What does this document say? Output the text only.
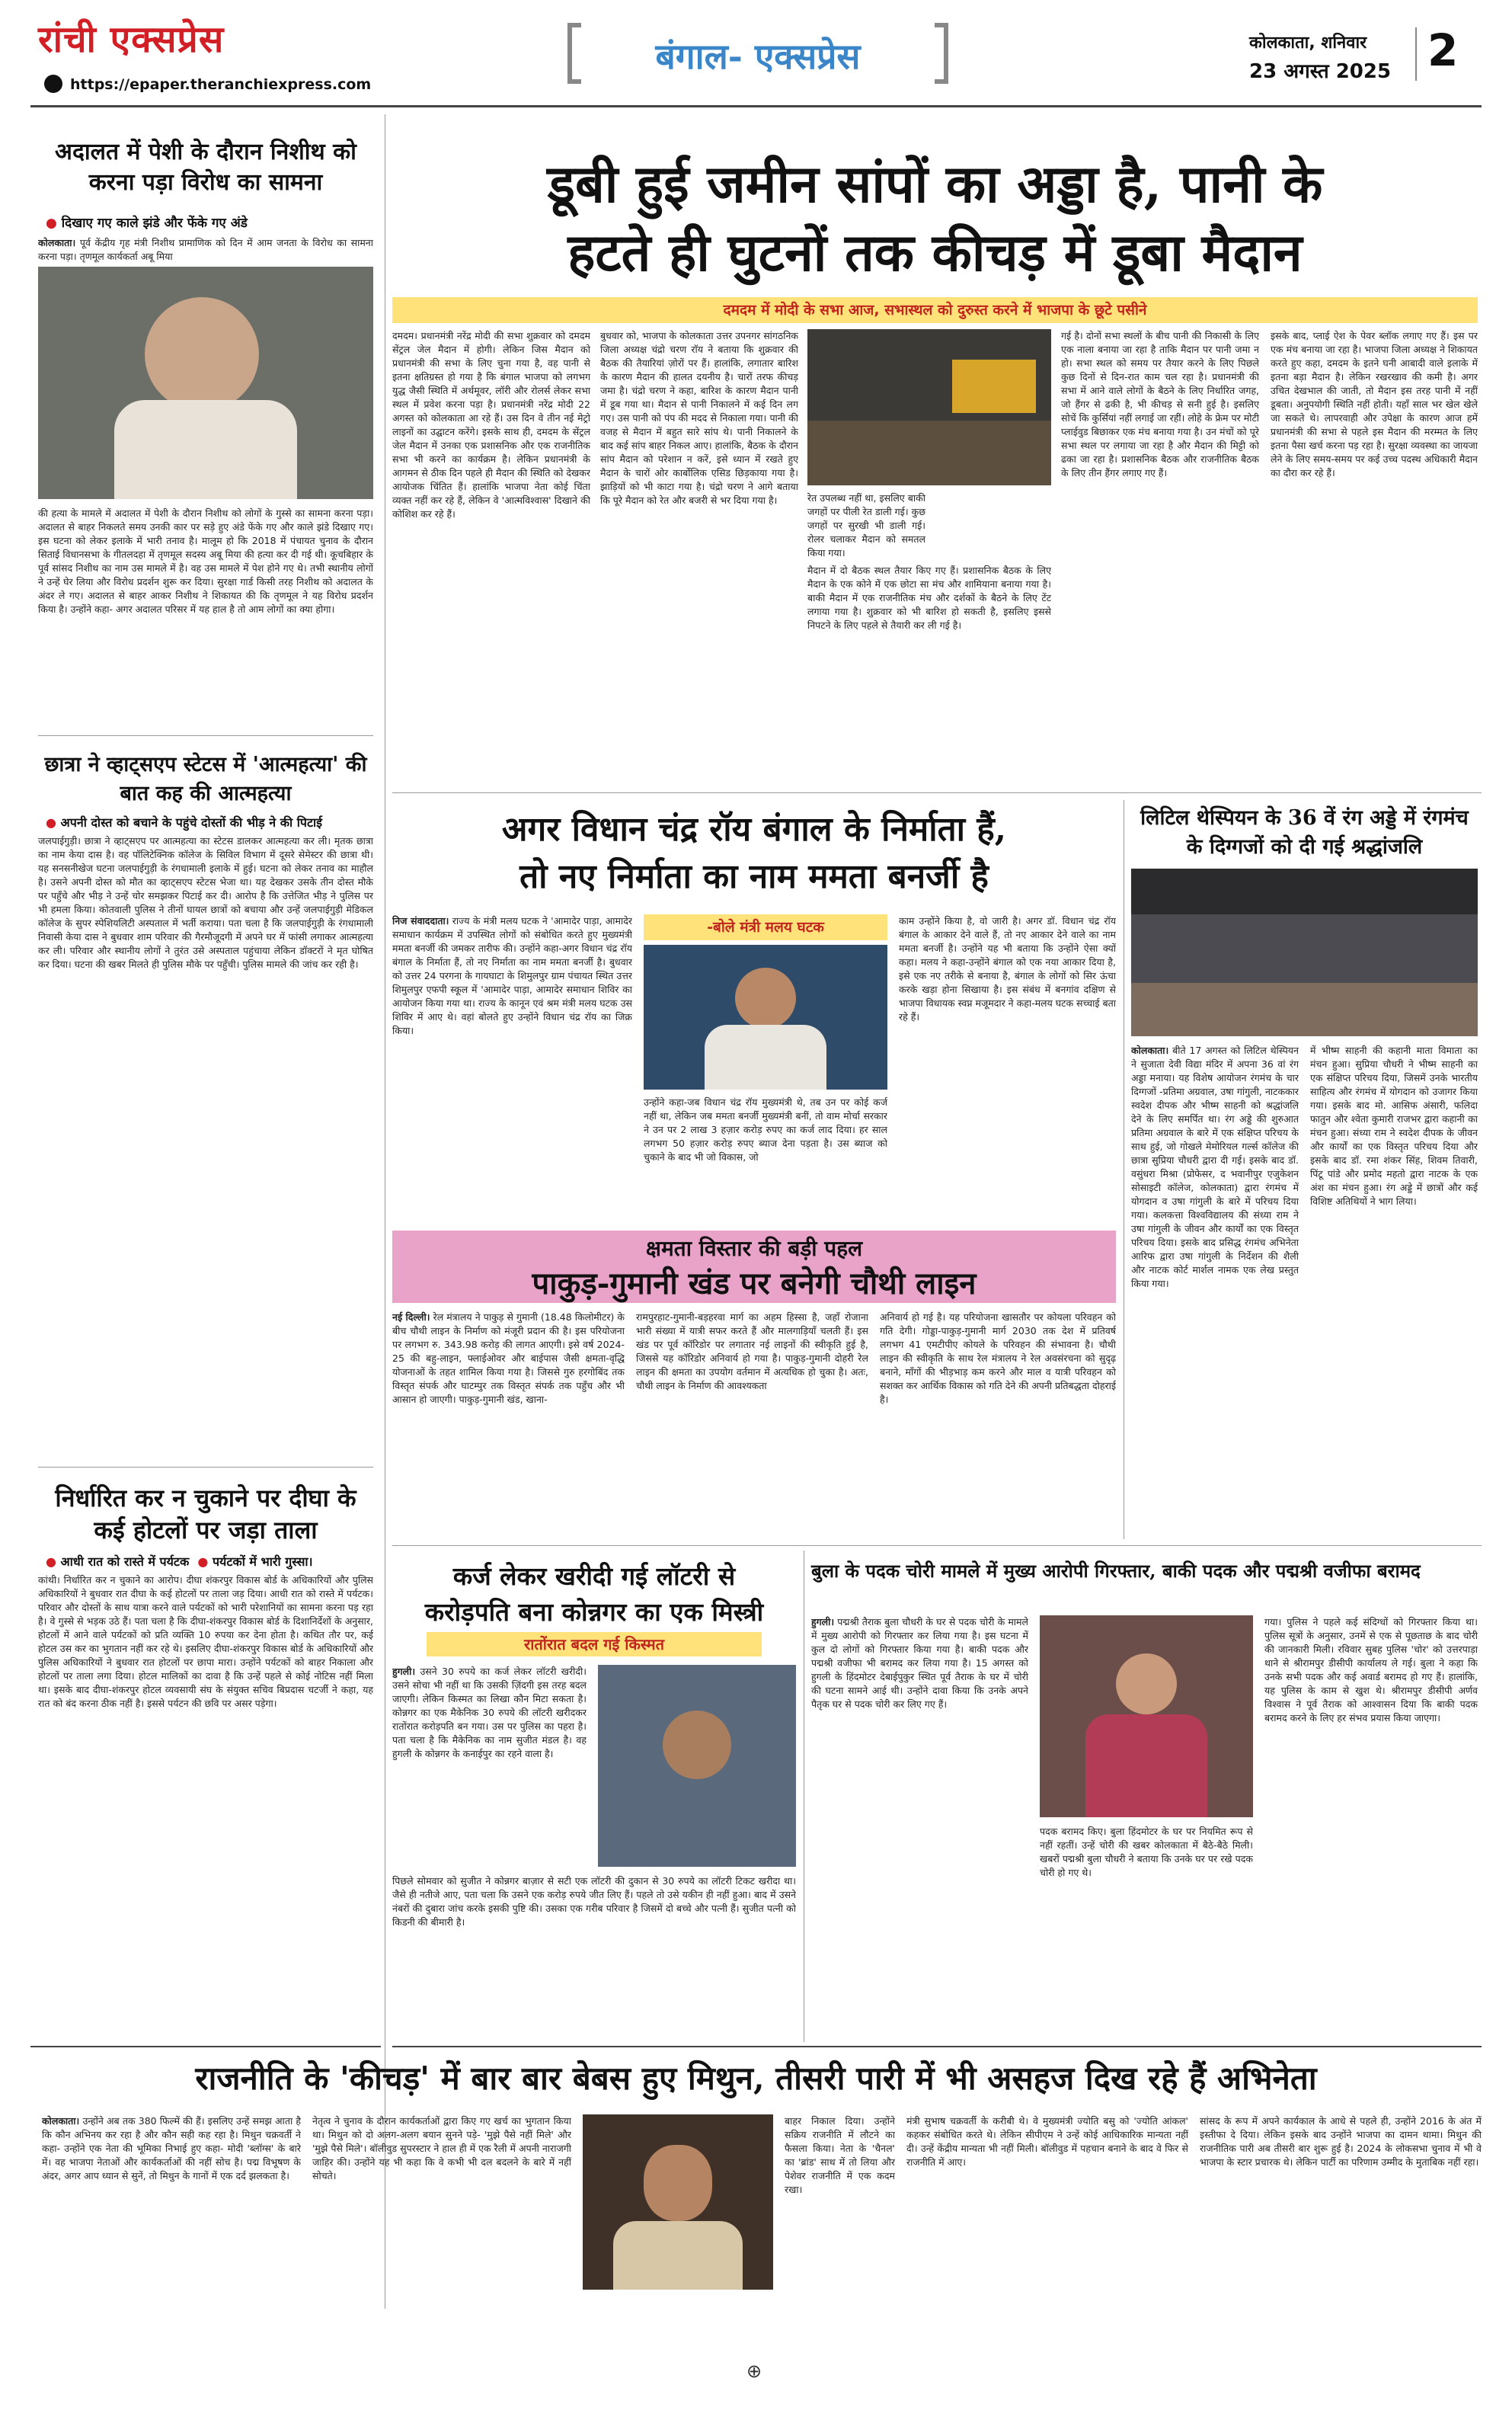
रांची एक्सप्रेस
https://epaper.theranchiexpress.com
बंगाल- एक्सप्रेस	कोलकाता, शनिवार
23 अगस्त 2025 2
अदालत में पेशी के दौरान निशीथ को करना पड़ा विरोध का सामना
● दिखाए गए काले झंडे और फेंके गए अंडे
कोलकाता। पूर्व केंद्रीय गृह मंत्री निशीथ प्रामाणिक को दिन में आम जनता के विरोध का सामना करना पड़ा। तृणमूल कार्यकर्ता अबू मिया
की हत्या के मामले में अदालत में पेशी के दौरान निशीथ को लोगों के गुस्से का सामना करना पड़ा। अदालत से बाहर निकलते समय उनकी कार पर सड़े हुए अंडे फेंके गए और काले झंडे दिखाए गए। इस घटना को लेकर इलाके में भारी तनाव है। मालूम हो कि 2018 में पंचायत चुनाव के दौरान सिताई विधानसभा के गीतलदहा में तृणमूल सदस्य अबू मिया की हत्या कर दी गई थी। कूचबिहार के पूर्व सांसद निशीथ का नाम उस मामले में है। वह उस मामले में पेश होने गए थे। तभी स्थानीय लोगों ने उन्हें घेर लिया और विरोध प्रदर्शन शुरू कर दिया। सुरक्षा गार्ड किसी तरह निशीथ को अदालत के अंदर ले गए। अदालत से बाहर आकर निशीथ ने शिकायत की कि तृणमूल ने यह विरोध प्रदर्शन किया है। उन्होंने कहा- अगर अदालत परिसर में यह हाल है तो आम लोगों का क्या होगा।
छात्रा ने व्हाट्सएप स्टेटस में 'आत्महत्या' की बात कह की आत्महत्या
● अपनी दोस्त को बचाने के पहुंचे दोस्तों की भीड़ ने की पिटाई
जलपाईगुड़ी। छात्रा ने व्हाट्सएप पर आत्महत्या का स्टेटस डालकर आत्महत्या कर ली। मृतक छात्रा का नाम केया दास है। वह पॉलिटेक्निक कॉलेज के सिविल विभाग में दूसरे सेमेस्टर की छात्रा थी। यह सनसनीखेज घटना जलपाईगुड़ी के रंगधामाली इलाके में हुई। घटना को लेकर तनाव का माहौल है। उसने अपनी दोस्त को मौत का व्हाट्सएप स्टेटस भेजा था। यह देखकर उसके तीन दोस्त मौके पर पहुँचे और भीड़ ने उन्हें चोर समझकर पिटाई कर दी। आरोप है कि उत्तेजित भीड़ ने पुलिस पर भी हमला किया। कोतवाली पुलिस ने तीनों घायल छात्रों को बचाया और उन्हें जलपाईगुड़ी मेडिकल कॉलेज के सुपर स्पेशियलिटी अस्पताल में भर्ती कराया। पता चला है कि जलपाईगुड़ी के रंगधामाली निवासी केया दास ने बुधवार शाम परिवार की गैरमौजूदगी में अपने घर में फांसी लगाकर आत्महत्या कर ली। परिवार और स्थानीय लोगों ने तुरंत उसे अस्पताल पहुंचाया लेकिन डॉक्टरों ने मृत घोषित कर दिया। घटना की खबर मिलते ही पुलिस मौके पर पहुँची। पुलिस मामले की जांच कर रही है।
निर्धारित कर न चुकाने पर दीघा के कई होटलों पर जड़ा ताला
● आधी रात को रास्ते में पर्यटक  ● पर्यटकों में भारी गुस्सा।
कांथी। निर्धारित कर न चुकाने का आरोप। दीघा शंकरपुर विकास बोर्ड के अधिकारियों और पुलिस अधिकारियों ने बुधवार रात दीघा के कई होटलों पर ताला जड़ दिया। आधी रात को रास्ते में पर्यटक। परिवार और दोस्तों के साथ यात्रा करने वाले पर्यटकों को भारी परेशानियों का सामना करना पड़ रहा है। वे गुस्से से भड़क उठे हैं। पता चला है कि दीघा-शंकरपुर विकास बोर्ड के दिशानिर्देशों के अनुसार, होटलों में आने वाले पर्यटकों को प्रति व्यक्ति 10 रुपया कर देना होता है। कथित तौर पर, कई होटल उस कर का भुगतान नहीं कर रहे थे। इसलिए दीघा-शंकरपुर विकास बोर्ड के अधिकारियों और पुलिस अधिकारियों ने बुधवार रात होटलों पर छापा मारा। उन्होंने पर्यटकों को बाहर निकाला और होटलों पर ताला लगा दिया। होटल मालिकों का दावा है कि उन्हें पहले से कोई नोटिस नहीं मिला था। इसके बाद दीघा-शंकरपुर होटल व्यवसायी संघ के संयुक्त सचिव बिप्रदास चटर्जी ने कहा, यह रात को बंद करना ठीक नहीं है। इससे पर्यटन की छवि पर असर पड़ेगा।
डूबी हुई जमीन सांपों का अड्डा है, पानी के
हटते ही घुटनों तक कीचड़ में डूबा मैदान
दमदम में मोदी के सभा आज, सभास्थल को दुरुस्त करने में भाजपा के छूटे पसीने
दमदम। प्रधानमंत्री नरेंद्र मोदी की सभा शुक्रवार को दमदम सेंट्रल जेल मैदान में होगी। लेकिन जिस मैदान को प्रधानमंत्री की सभा के लिए चुना गया है, वह पानी से इतना क्षतिग्रस्त हो गया है कि बंगाल भाजपा को लगभग युद्ध जैसी स्थिति में अर्थमूवर, लॉरी और रोलर्स लेकर सभा स्थल में प्रवेश करना पड़ा है। प्रधानमंत्री नरेंद्र मोदी 22 अगस्त को कोलकाता आ रहे हैं। उस दिन वे तीन नई मेट्रो लाइनों का उद्घाटन करेंगे। इसके साथ ही, दमदम के सेंट्रल जेल मैदान में उनका एक प्रशासनिक और एक राजनीतिक सभा भी करने का कार्यक्रम है। लेकिन प्रधानमंत्री के आगमन से ठीक दिन पहले ही मैदान की स्थिति को देखकर आयोजक चिंतित हैं। हालांकि भाजपा नेता कोई चिंता व्यक्त नहीं कर रहे हैं, लेकिन वे 'आत्मविश्वास' दिखाने की कोशिश कर रहे हैं।
बुधवार को, भाजपा के कोलकाता उत्तर उपनगर सांगठनिक जिला अध्यक्ष चंद्रो चरण राॅय ने बताया कि शुक्रवार की बैठक की तैयारियां ज़ोरों पर हैं। हालांकि, लगातार बारिश के कारण मैदान की हालत दयनीय है। चारों तरफ कीचड़ जमा है। चंद्रो चरण ने कहा, बारिश के कारण मैदान पानी में डूब गया था। मैदान से पानी निकालने में कई दिन लग गए। उस पानी को पंप की मदद से निकाला गया। पानी की वजह से मैदान में बहुत सारे सांप थे। पानी निकालने के बाद कई सांप बाहर निकल आए। हालांकि, बैठक के दौरान सांप मैदान को परेशान न करें, इसे ध्यान में रखते हुए मैदान के चारों ओर कार्बोलिक एसिड छिड़काया गया है। झाड़ियों को भी काटा गया है। चंद्रो चरण ने आगे बताया कि पूरे मैदान को रेत और बजरी से भर दिया गया है।	रेत उपलब्ध नहीं था, इसलिए बाकी जगहों पर पीली रेत डाली गई। कुछ जगहों पर सुरखी भी डाली गई। रोलर चलाकर मैदान को समतल किया गया।
मैदान में दो बैठक स्थल तैयार किए गए हैं। प्रशासनिक बैठक के लिए मैदान के एक कोने में एक छोटा सा मंच और शामियाना बनाया गया है। बाकी मैदान में एक राजनीतिक मंच और दर्शकों के बैठने के लिए टेंट लगाया गया है। शुक्रवार को भी बारिश हो सकती है, इसलिए इससे निपटने के लिए पहले से तैयारी कर ली गई है।
गई है। दोनों सभा स्थलों के बीच पानी की निकासी के लिए एक नाला बनाया जा रहा है ताकि मैदान पर पानी जमा न हो। सभा स्थल को समय पर तैयार करने के लिए पिछले कुछ दिनों से दिन-रात काम चल रहा है। प्रधानमंत्री की सभा में आने वाले लोगों के बैठने के लिए निर्धारित जगह, जो हैंगर से ढकी है, भी कीचड़ से सनी हुई है। इसलिए सोचें कि कुर्सियां नहीं लगाई जा रहीं। लोहे के फ्रेम पर मोटी प्लाईवुड बिछाकर एक मंच बनाया गया है। उन मंचों को पूरे सभा स्थल पर लगाया जा रहा है और मैदान की मिट्टी को ढका जा रहा है। प्रशासनिक बैठक और राजनीतिक बैठक के लिए तीन हैंगर लगाए गए हैं।
इसके बाद, प्लाई ऐश के पेवर ब्लॉक लगाए गए हैं। इस पर एक मंच बनाया जा रहा है। भाजपा जिला अध्यक्ष ने शिकायत करते हुए कहा, दमदम के इतने घनी आबादी वाले इलाके में इतना बड़ा मैदान है। लेकिन रखरखाव की कमी है। अगर उचित देखभाल की जाती, तो मैदान इस तरह पानी में नहीं डूबता। अनुपयोगी स्थिति नहीं होती। यहाँ साल भर खेल खेले जा सकते थे। लापरवाही और उपेक्षा के कारण आज हमें प्रधानमंत्री की सभा से पहले इस मैदान की मरम्मत के लिए इतना पैसा खर्च करना पड़ रहा है। सुरक्षा व्यवस्था का जायजा लेने के लिए समय-समय पर कई उच्च पदस्थ अधिकारी मैदान का दौरा कर रहे हैं।
अगर विधान चंद्र रॉय बंगाल के निर्माता हैं,
तो नए निर्माता का नाम ममता बनर्जी है
निज संवाददाता। राज्य के मंत्री मलय घटक ने 'आमादेर पाड़ा, आमादेर समाधान कार्यक्रम में उपस्थित लोगों को संबोधित करते हुए मुख्यमंत्री ममता बनर्जी की जमकर तारीफ की। उन्होंने कहा-अगर विधान चंद्र रॉय बंगाल के निर्माता हैं, तो नए निर्माता का नाम ममता बनर्जी है। बुधवार को उत्तर 24 परगना के गायघाटा के शिमुलपुर ग्राम पंचायत स्थित उत्तर शिमुलपुर एफपी स्कूल में 'आमादेर पाड़ा, आमादेर समाधान शिविर का आयोजन किया गया था। राज्य के कानून एवं श्रम मंत्री मलय घटक उस शिविर में आए थे। वहां बोलते हुए उन्होंने विधान चंद्र रॉय का जिक्र किया।
-बोले मंत्री मलय घटक
उन्होंने कहा-जब विधान चंद्र रॉय मुख्यमंत्री थे, तब उन पर कोई कर्ज नहीं था, लेकिन जब ममता बनर्जी मुख्यमंत्री बनीं, तो वाम मोर्चा सरकार ने उन पर 2 लाख 3 हज़ार करोड़ रुपए का कर्ज लाद दिया। हर साल लगभग 50 हज़ार करोड़ रुपए ब्याज देना पड़ता है। उस ब्याज को चुकाने के बाद भी जो विकास, जो
काम उन्होंने किया है, वो जारी है। अगर डॉ. विधान चंद्र रॉय बंगाल के आकार देने वाले हैं, तो नए आकार देने वाले का नाम ममता बनर्जी है। उन्होंने यह भी बताया कि उन्होंने ऐसा क्यों कहा। मलय ने कहा-उन्होंने बंगाल को एक नया आकार दिया है, इसे एक नए तरीके से बनाया है, बंगाल के लोगों को सिर ऊंचा करके खड़ा होना सिखाया है। इस संबंध में बनगांव दक्षिण से भाजपा विधायक स्वप्न मजूमदार ने कहा-मलय घटक सच्चाई बता रहे हैं।
लिटिल थेस्पियन के 36 वें रंग अड्डे में रंगमंच के दिग्गजों को दी गई श्रद्धांजलि
कोलकाता। बीते 17 अगस्त को लिटिल थेस्पियन ने सुजाता देवी विद्या मंदिर में अपना 36 वां रंग अड्डा मनाया। यह विशेष आयोजन रंगमंच के चार दिग्गजों -प्रतिमा अग्रवाल, उषा गांगुली, नाटककार स्वदेश दीपक और भीष्म साहनी को श्रद्धांजलि देने के लिए समर्पित था। रंग अड्डे की शुरुआत प्रतिमा अग्रवाल के बारे में एक संक्षिप्त परिचय के साथ हुई, जो गोखले मेमोरियल गर्ल्स कॉलेज की छात्रा सुप्रिया चौधरी द्वारा दी गई। इसके बाद डॉ. वसुंधरा मिश्रा (प्रोफेसर, द भवानीपुर एजुकेशन सोसाइटी कॉलेज, कोलकाता) द्वारा रंगमंच में योगदान व उषा गांगुली के बारे में परिचय दिया गया। कलकत्ता विश्वविद्यालय की संध्या राम ने उषा गांगुली के जीवन और कार्यों का एक विस्तृत परिचय दिया। इसके बाद प्रसिद्ध रंगमंच अभिनेता आरिफ द्वारा उषा गांगुली के निर्देशन की शैली और नाटक कोर्ट मार्शल नामक एक लेख प्रस्तुत किया गया।
में भीष्म साहनी की कहानी माता विमाता का मंचन हुआ। सुप्रिया चौधरी ने भीष्म साहनी का एक संक्षिप्त परिचय दिया, जिसमें उनके भारतीय साहित्य और रंगमंच में योगदान को उजागर किया गया। इसके बाद मो. आसिफ अंसारी, फलिदा फातुन और श्वेता कुमारी राजभर द्वारा कहानी का मंचन हुआ। संध्या राम ने स्वदेश दीपक के जीवन और कार्यों का एक विस्तृत परिचय दिया और इसके बाद डॉ. रमा शंकर सिंह, शिवम तिवारी, पिंटू पांडे और प्रमोद महतो द्वारा नाटक के एक अंश का मंचन हुआ। रंग अड्डे में छात्रों और कई विशिष्ट अतिथियों ने भाग लिया।
क्षमता विस्तार की बड़ी पहल
पाकुड़-गुमानी खंड पर बनेगी चौथी लाइन
नई दिल्ली। रेल मंत्रालय ने पाकुड़ से गुमानी (18.48 किलोमीटर) के बीच चौथी लाइन के निर्माण को मंजूरी प्रदान की है। इस परियोजना पर लगभग रु. 343.98 करोड़ की लागत आएगी। इसे वर्ष 2024-25 की बहु-लाइन, फ्लाईओवर और बाईपास जैसी क्षमता-वृद्धि योजनाओं के तहत शामिल किया गया है। जिससे गुरु हरगोबिंद तक विस्तृत संपर्क और घाटम्पुर तक विस्तृत संपर्क तक पहुँच और भी आसान हो जाएगी। पाकुड़-गुमानी खंड, खाना-
रामपुरहाट-गुमानी-बड़हरवा मार्ग का अहम हिस्सा है, जहाँ रोजाना भारी संख्या में यात्री सफर करते हैं और मालगाड़ियाँ चलती हैं। इस खंड पर पूर्व कॉरिडोर पर लगातार नई लाइनों की स्वीकृति हुई है, जिससे यह कॉरिडोर अनिवार्य हो गया है। पाकुड़-गुमानी दोहरी रेल लाइन की क्षमता का उपयोग वर्तमान में अत्यधिक हो चुका है। अतः, चौथी लाइन के निर्माण की आवश्यकता
अनिवार्य हो गई है। यह परियोजना खासतौर पर कोयला परिवहन को गति देगी। गोड्डा-पाकुड़-गुमानी मार्ग 2030 तक देश में प्रतिवर्ष लगभग 41 एमटीपीए कोयले के परिवहन की संभावना है। चौथी लाइन की स्वीकृति के साथ रेल मंत्रालय ने रेल अवसंरचना को सुदृढ़ बनाने, माँगों की भीड़भाड़ कम करने और माल व यात्री परिवहन को सशक्त कर आर्थिक विकास को गति देने की अपनी प्रतिबद्धता दोहराई है।
कर्ज लेकर खरीदी गई लॉटरी से
करोड़पति बना कोन्नगर का एक मिस्त्री
रातोंरात बदल गई किस्मत
हुगली। उसने 30 रुपये का कर्ज लेकर लॉटरी खरीदी। उसने सोचा भी नहीं था कि उसकी ज़िंदगी इस तरह बदल जाएगी। लेकिन किस्मत का लिखा कौन मिटा सकता है। कोन्नगर का एक मैकेनिक 30 रुपये की लॉटरी खरीदकर रातोंरात करोड़पति बन गया। उस पर पुलिस का पहरा है। पता चला है कि मैकेनिक का नाम सुजीत मंडल है। वह हुगली के कोन्नगर के कनाईपुर का रहने वाला है।
पिछले सोमवार को सुजीत ने कोन्नगर बाज़ार से सटी एक लॉटरी की दुकान से 30 रुपये का लॉटरी टिकट खरीदा था। जैसे ही नतीजे आए, पता चला कि उसने एक करोड़ रुपये जीत लिए हैं। पहले तो उसे यकीन ही नहीं हुआ। बाद में उसने नंबरों की दुबारा जांच करके इसकी पुष्टि की। उसका एक गरीब परिवार है जिसमें दो बच्चे और पत्नी हैं। सुजीत पत्नी को किडनी की बीमारी है।
बुला के पदक चोरी मामले में मुख्य आरोपी गिरफ्तार, बाकी पदक और पद्मश्री वजीफा बरामद
हुगली। पद्मश्री तैराक बुला चौधरी के घर से पदक चोरी के मामले में मुख्य आरोपी को गिरफ्तार कर लिया गया है। इस घटना में कुल दो लोगों को गिरफ्तार किया गया है। बाकी पदक और पद्मश्री वजीफा भी बरामद कर लिया गया है। 15 अगस्त को हुगली के हिंदमोटर देबाईपुकुर स्थित पूर्व तैराक के घर में चोरी की घटना सामने आई थी। उन्होंने दावा किया कि उनके अपने पैतृक घर से पदक चोरी कर लिए गए हैं।
पदक बरामद किए। बुला हिंदमोटर के घर पर नियमित रूप से नहीं रहतीं। उन्हें चोरी की खबर कोलकाता में बैठे-बैठे मिली। खबरों पद्मश्री बुला चौधरी ने बताया कि उनके घर पर रखे पदक चोरी हो गए थे।
गया। पुलिस ने पहले कई संदिग्धों को गिरफ्तार किया था। पुलिस सूत्रों के अनुसार, उनमें से एक से पूछताछ के बाद चोरी की जानकारी मिली। रविवार सुबह पुलिस 'चोर' को उत्तरपाड़ा थाने से श्रीरामपुर डीसीपी कार्यालय ले गई। बुला ने कहा कि उनके सभी पदक और कई अवार्ड बरामद हो गए हैं। हालांकि, यह पुलिस के काम से खुश थे। श्रीरामपुर डीसीपी अर्णव विश्वास ने पूर्व तैराक को आश्वासन दिया कि बाकी पदक बरामद करने के लिए हर संभव प्रयास किया जाएगा।
राजनीति के 'कीचड़' में बार बार बेबस हुए मिथुन, तीसरी पारी में भी असहज दिख रहे हैं अभिनेता
कोलकाता। उन्होंने अब तक 380 फिल्में की हैं। इसलिए उन्हें समझ आता है कि कौन अभिनय कर रहा है और कौन सही कह रहा है। मिथुन चक्रवर्ती ने कहा- उन्होंने एक नेता की भूमिका निभाई हुए कहा- मोदी 'ब्लॉग्स' के बारे में। वह भाजपा नेताओं और कार्यकर्ताओं की नहीं सोच है। पद्म विभूषण के अंदर, अगर आप ध्यान से सुनें, तो मिथुन के गानों में एक दर्द झलकता है।
नेतृत्व ने चुनाव के दौरान कार्यकर्ताओं द्वारा किए गए खर्च का भुगतान किया था। मिथुन को दो अलग-अलग बयान सुनने पड़े- 'मुझे पैसे नहीं मिले' और 'मुझे पैसे मिले'। बॉलीवुड सुपरस्टार ने हाल ही में एक रैली में अपनी नाराजगी जाहिर की। उन्होंने यह भी कहा कि वे कभी भी दल बदलने के बारे में नहीं सोचते।
बाहर निकाल दिया। उन्होंने सक्रिय राजनीति में लौटने का फैसला किया। नेता के 'चैनल' का 'ब्रांड' साथ में तो लिया और पेशेवर राजनीति में एक कदम रखा।
मंत्री सुभाष चक्रवर्ती के करीबी थे। वे मुख्यमंत्री ज्योति बसु को 'ज्योति आंकल' कहकर संबोधित करते थे। लेकिन सीपीएम ने उन्हें कोई आधिकारिक मान्यता नहीं दी। उन्हें केंद्रीय मान्यता भी नहीं मिली। बॉलीवुड में पहचान बनाने के बाद वे फिर से राजनीति में आए।
सांसद के रूप में अपने कार्यकाल के आधे से पहले ही, उन्होंने 2016 के अंत में इस्तीफा दे दिया। लेकिन इसके बाद उन्होंने भाजपा का दामन थामा। मिथुन की राजनीतिक पारी अब तीसरी बार शुरू हुई है। 2024 के लोकसभा चुनाव में भी वे भाजपा के स्टार प्रचारक थे। लेकिन पार्टी का परिणाम उम्मीद के मुताबिक नहीं रहा।
⊕
